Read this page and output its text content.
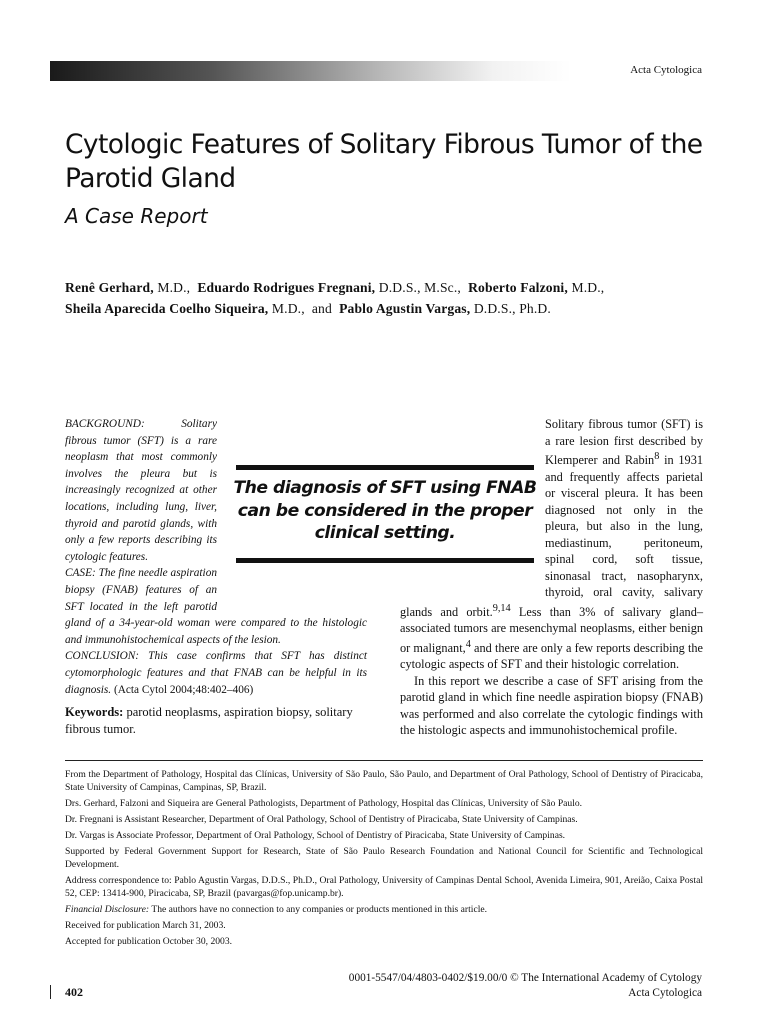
Acta Cytologica
Cytologic Features of Solitary Fibrous Tumor of the Parotid Gland
A Case Report
Renê Gerhard, M.D., Eduardo Rodrigues Fregnani, D.D.S., M.Sc., Roberto Falzoni, M.D.,
Sheila Aparecida Coelho Siqueira, M.D., and Pablo Agustin Vargas, D.D.S., Ph.D.

BACKGROUND: Solitary fibrous tumor (SFT) is a rare neoplasm that most commonly involves the pleura but is increasingly recognized at other locations, including lung, liver, thyroid and parotid glands, with only a few reports describing its cytologic features.

CASE: The fine needle aspiration biopsy (FNAB) features of an SFT located in the left parotid gland of a 34-year-old woman were compared to the histologic and immunohistochemical aspects of the lesion.

CONCLUSION: This case confirms that SFT has distinct cytomorphologic features and that FNAB can be helpful in its diagnosis. (Acta Cytol 2004;48:402–406)

Keywords: parotid neoplasms, aspiration biopsy, solitary fibrous tumor.

Solitary fibrous tumor (SFT) is a rare lesion first described by Klemperer and Rabin$^8$ in 1931 and frequently affects parietal or visceral pleura. It has been diagnosed not only in the pleura, but also in the lung, mediastinum, peritoneum, spinal cord, soft tissue, sinonasal tract, nasopharynx, thyroid, oral cavity, salivary glands and orbit.$^{9,14}$ Less than 3% of salivary gland–associated tumors are mesenchymal neoplasms, either benign or malignant,$^4$ and there are only a few reports describing the cytologic aspects of SFT and their histologic correlation.

In this report we describe a case of SFT arising from the parotid gland in which fine needle aspiration biopsy (FNAB) was performed and also correlate the cytologic findings with the histologic aspects and immunohistochemical profile.

The diagnosis of SFT using FNAB can be considered in the proper clinical setting.

From the Department of Pathology, Hospital das Clínicas, University of São Paulo, São Paulo, and Department of Oral Pathology, School of Dentistry of Piracicaba, State University of Campinas, Campinas, SP, Brazil.

Drs. Gerhard, Falzoni and Siqueira are General Pathologists, Department of Pathology, Hospital das Clínicas, University of São Paulo.

Dr. Fregnani is Assistant Researcher, Department of Oral Pathology, School of Dentistry of Piracicaba, State University of Campinas.

Dr. Vargas is Associate Professor, Department of Oral Pathology, School of Dentistry of Piracicaba, State University of Campinas.

Supported by Federal Government Support for Research, State of São Paulo Research Foundation and National Council for Scientific and Technological Development.

Address correspondence to: Pablo Agustin Vargas, D.D.S., Ph.D., Oral Pathology, University of Campinas Dental School, Avenida Limeira, 901, Areião, Caixa Postal 52, CEP: 13414-900, Piracicaba, SP, Brazil (pavargas@fop.unicamp.br).

Financial Disclosure: The authors have no connection to any companies or products mentioned in this article.

Received for publication March 31, 2003.

Accepted for publication October 30, 2003.

0001-5547/04/4803-0402/$19.00/0 © The International Academy of Cytology
402	Acta Cytologica
